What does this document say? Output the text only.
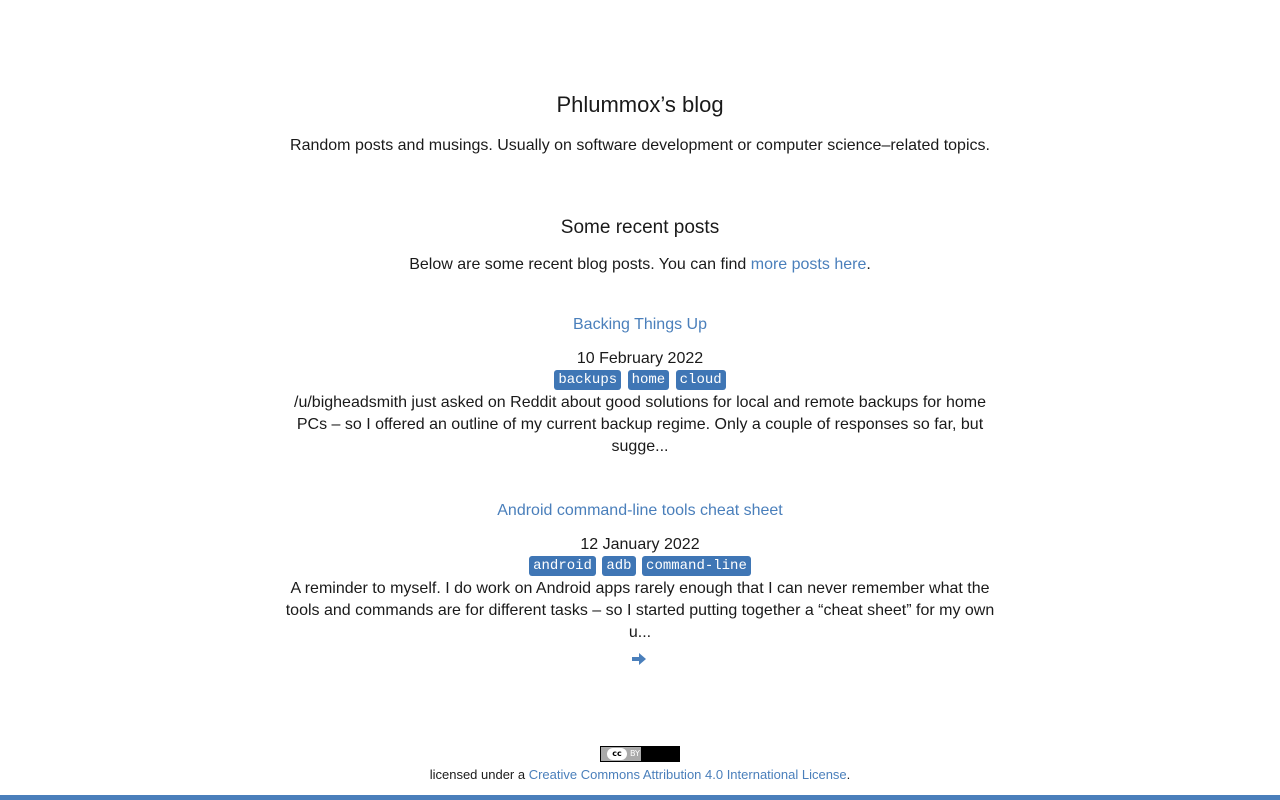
Phlummox’s blog

Random posts and musings. Usually on software development or computer science–related topics.

Some recent posts

Below are some recent blog posts. You can find more posts here.

Backing Things Up
10 February 2022
backups home cloud

/u/bigheadsmith just asked on Reddit about good solutions for local and remote backups for home PCs – so I offered an outline of my current backup regime. Only a couple of responses so far, but sugge...

Android command-line tools cheat sheet
12 January 2022
android adb command-line

A reminder to myself. I do work on Android apps rarely enough that I can never remember what the tools and commands are for different tasks – so I started putting together a “cheat sheet” for my own u...

cc	BY
licensed under a Creative Commons Attribution 4.0 International License.
